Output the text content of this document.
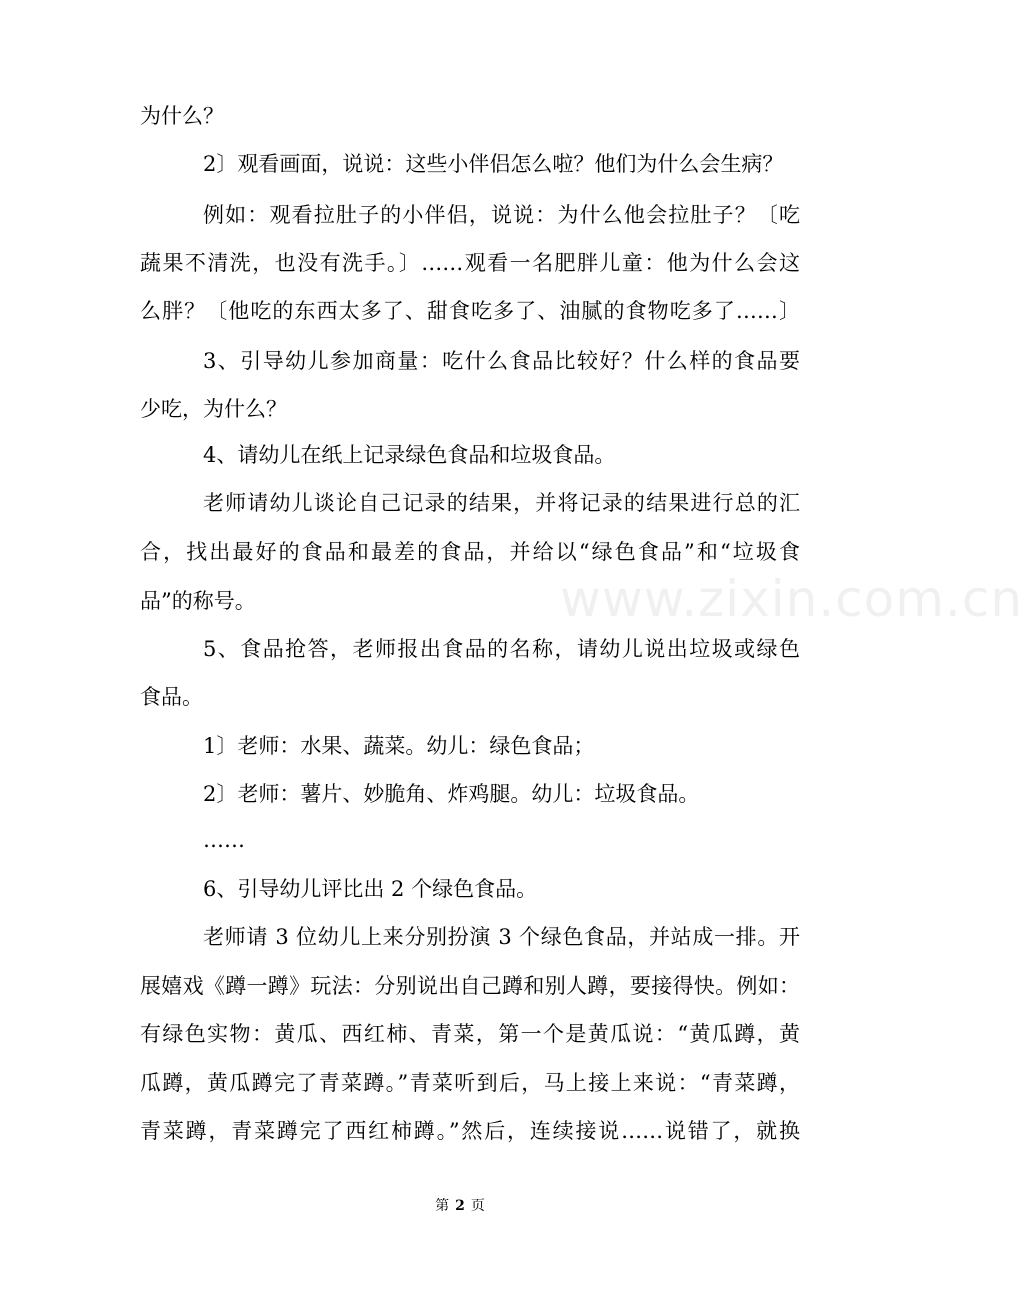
为什么？
2〕观看画面，说说：这些小伴侣怎么啦？他们为什么会生病？
例如：观看拉肚子的小伴侣，说说：为什么他会拉肚子？〔吃
蔬果不清洗，也没有洗手。〕……观看一名肥胖儿童：他为什么会这
么胖？〔他吃的东西太多了、甜食吃多了、油腻的食物吃多了……〕
3、引导幼儿参加商量：吃什么食品比较好？什么样的食品要
少吃，为什么？
4、请幼儿在纸上记录绿色食品和垃圾食品。
老师请幼儿谈论自己记录的结果，并将记录的结果进行总的汇
合，找出最好的食品和最差的食品，并给以“绿色食品”和“垃圾食
品”的称号。
5、食品抢答，老师报出食品的名称，请幼儿说出垃圾或绿色
食品。
1〕老师：水果、蔬菜。幼儿：绿色食品；
2〕老师：薯片、妙脆角、炸鸡腿。幼儿：垃圾食品。
……
6、引导幼儿评比出 2 个绿色食品。
老师请 3 位幼儿上来分别扮演 3 个绿色食品，并站成一排。开
展嬉戏《蹲一蹲》玩法：分别说出自己蹲和别人蹲，要接得快。例如：
有绿色实物：黄瓜、西红柿、青菜，第一个是黄瓜说：“黄瓜蹲，黄
瓜蹲，黄瓜蹲完了青菜蹲。”青菜听到后，马上接上来说：“青菜蹲，
青菜蹲，青菜蹲完了西红柿蹲。”然后，连续接说……说错了，就换
www.zixin.com.cn
第 2 页
